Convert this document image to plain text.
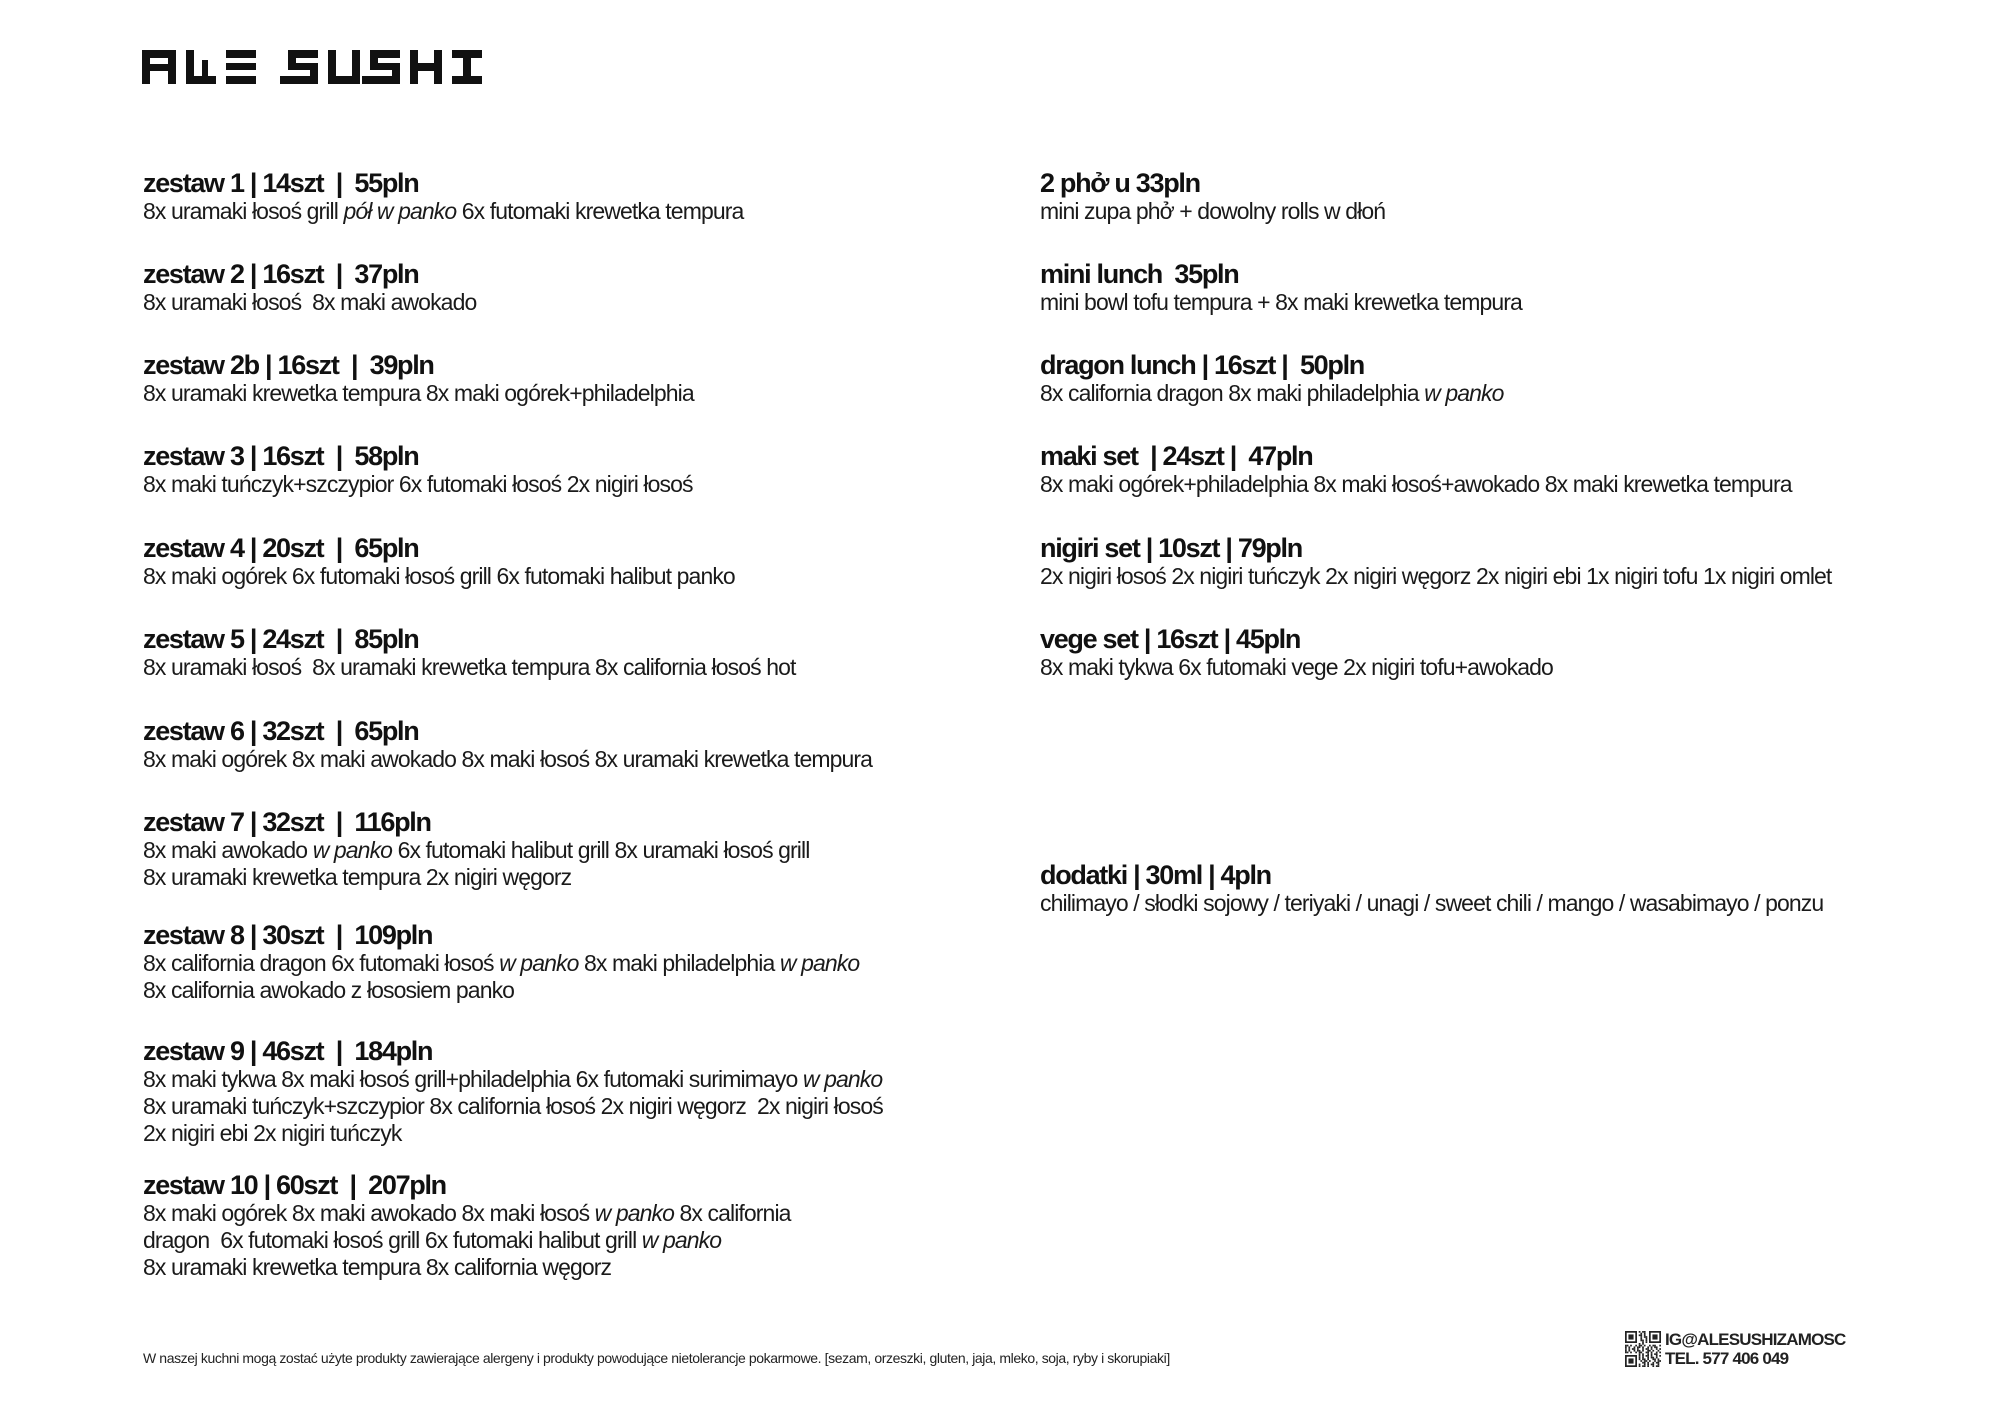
zestaw 1 | 14szt  |  55pln
8x uramaki łosoś grill pół w panko 6x futomaki krewetka tempura
zestaw 2 | 16szt  |  37pln
8x uramaki łosoś  8x maki awokado
zestaw 2b | 16szt  |  39pln
8x uramaki krewetka tempura 8x maki ogórek+philadelphia
zestaw 3 | 16szt  |  58pln
8x maki tuńczyk+szczypior 6x futomaki łosoś 2x nigiri łosoś
zestaw 4 | 20szt  |  65pln
8x maki ogórek 6x futomaki łosoś grill 6x futomaki halibut panko
zestaw 5 | 24szt  |  85pln
8x uramaki łosoś  8x uramaki krewetka tempura 8x california łosoś hot
zestaw 6 | 32szt  |  65pln
8x maki ogórek 8x maki awokado 8x maki łosoś 8x uramaki krewetka tempura
zestaw 7 | 32szt  |  116pln
8x maki awokado w panko 6x futomaki halibut grill 8x uramaki łosoś grill
8x uramaki krewetka tempura 2x nigiri węgorz
zestaw 8 | 30szt  |  109pln
8x california dragon 6x futomaki łosoś w panko 8x maki philadelphia w panko
8x california awokado z łososiem panko
zestaw 9 | 46szt  |  184pln
8x maki tykwa 8x maki łosoś grill+philadelphia 6x futomaki surimimayo w panko
8x uramaki tuńczyk+szczypior 8x california łosoś 2x nigiri węgorz  2x nigiri łosoś
2x nigiri ebi 2x nigiri tuńczyk
zestaw 10 | 60szt  |  207pln
8x maki ogórek 8x maki awokado 8x maki łosoś w panko 8x california
dragon  6x futomaki łosoś grill 6x futomaki halibut grill w panko
8x uramaki krewetka tempura 8x california węgorz
2 phở u 33pln
mini zupa phở + dowolny rolls w dłoń
mini lunch  35pln
mini bowl tofu tempura + 8x maki krewetka tempura
dragon lunch | 16szt |  50pln
8x california dragon 8x maki philadelphia w panko
maki set  | 24szt |  47pln
8x maki ogórek+philadelphia 8x maki łosoś+awokado 8x maki krewetka tempura
nigiri set | 10szt | 79pln
2x nigiri łosoś 2x nigiri tuńczyk 2x nigiri węgorz 2x nigiri ebi 1x nigiri tofu 1x nigiri omlet
vege set | 16szt | 45pln
8x maki tykwa 6x futomaki vege 2x nigiri tofu+awokado
dodatki | 30ml | 4pln
chilimayo / słodki sojowy / teriyaki / unagi / sweet chili / mango / wasabimayo / ponzu
W naszej kuchni mogą zostać użyte produkty zawierające alergeny i produkty powodujące nietolerancje pokarmowe. [sezam, orzeszki, gluten, jaja, mleko, soja, ryby i skorupiaki]
IG@ALESUSHIZAMOSC
TEL. 577 406 049
